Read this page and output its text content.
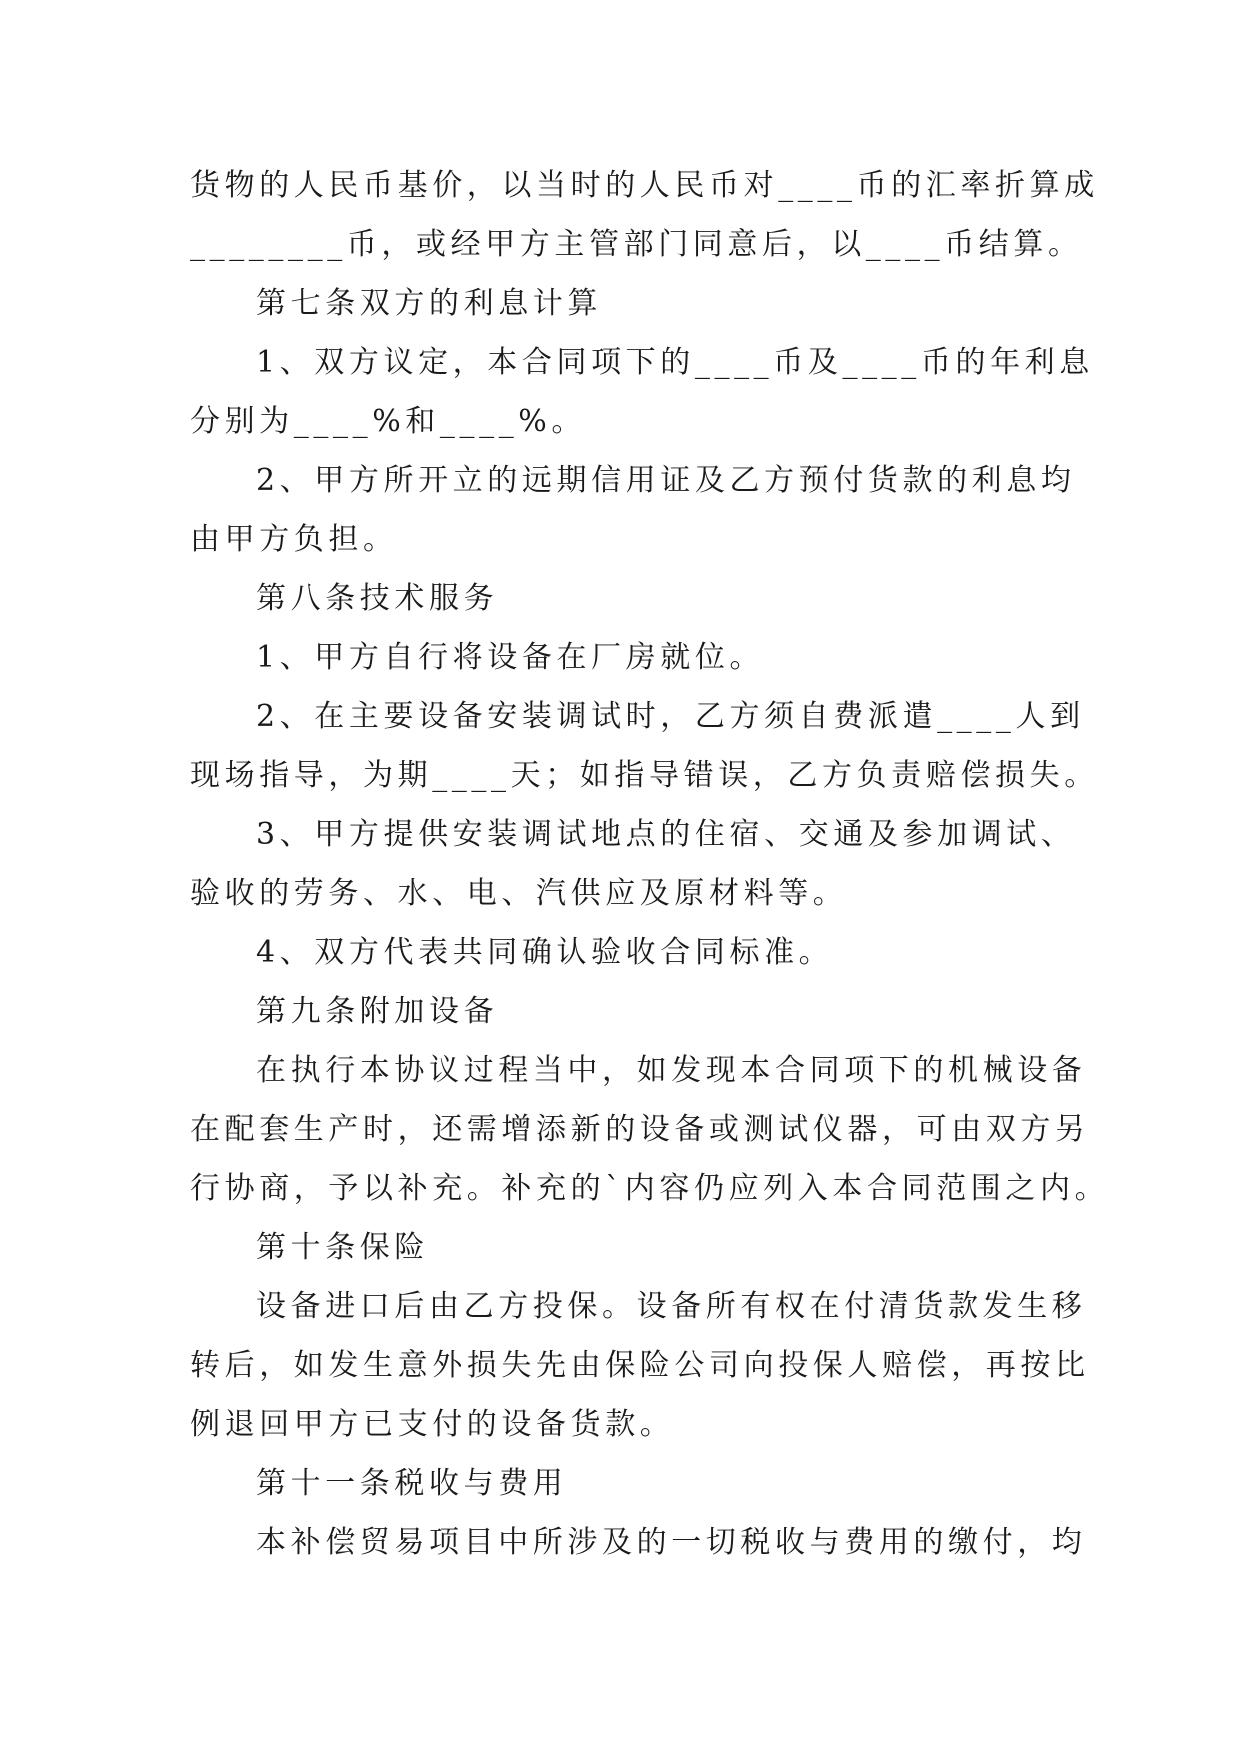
货物的人民币基价，以当时的人民币对____币的汇率折算成
________币，或经甲方主管部门同意后，以____币结算。
第七条双方的利息计算
1、双方议定，本合同项下的____币及____币的年利息
分别为____%和____%。
2、甲方所开立的远期信用证及乙方预付货款的利息均
由甲方负担。
第八条技术服务
1、甲方自行将设备在厂房就位。
2、在主要设备安装调试时，乙方须自费派遣____人到
现场指导，为期____天；如指导错误，乙方负责赔偿损失。
3、甲方提供安装调试地点的住宿、交通及参加调试、
验收的劳务、水、电、汽供应及原材料等。
4、双方代表共同确认验收合同标准。
第九条附加设备
在执行本协议过程当中，如发现本合同项下的机械设备
在配套生产时，还需增添新的设备或测试仪器，可由双方另
行协商，予以补充。补充的`内容仍应列入本合同范围之内。
第十条保险
设备进口后由乙方投保。设备所有权在付清货款发生移
转后，如发生意外损失先由保险公司向投保人赔偿，再按比
例退回甲方已支付的设备货款。
第十一条税收与费用
本补偿贸易项目中所涉及的一切税收与费用的缴付，均
